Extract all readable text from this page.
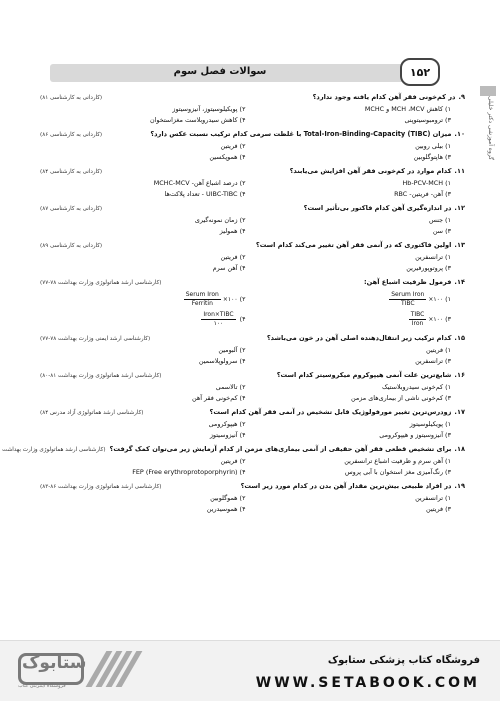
گروه آموزشی دکتر خلیلی
سوالات فصل سوم	۱۵۲
۹.در کم‌خونی فقر آهن کدام یافته وجود ندارد؟
(کاردانی به کارشناسی ۸۱)
۱) کاهش MCH ،MCV و MCHC
۲) پویکیلوسیتوز، آنیزوسیتوز
۳) ترومبوسیتوپنی
۴) کاهش سیدروبلاست مغزاستخوان
۱۰.میزان (TIBC) Total-Iron-Binding-Capacity با غلظت سرمی کدام ترکیب نسبت عکس دارد؟
(کاردانی به کارشناسی ۸۶)
۱) بیلی روبین
۲) فریتین
۳) هاپتوگلوبین
۴) هموپکسین
۱۱.کدام موارد در کم‌خونی فقر آهن افزایش می‌یابند؟
(کاردانی به کارشناسی ۸۴)
۱) Hb-PCV-MCH
۲) درصد اشباع آهن- MCHC-MCV
۳) آهن- فریتین- RBC
۴) UIBC-TIBC - تعداد پلاکت‌ها
۱۲.در اندازه‌گیری آهن کدام فاکتور بی‌تأثیر است؟
(کاردانی به کارشناسی ۸۷)
۱) جنس
۲) زمان نمونه‌گیری
۳) سن
۴) همولیز
۱۳.اولین فاکتوری که در آنمی فقر آهن تغییر می‌کند کدام است؟
(کاردانی به کارشناسی ۸۹)
۱) ترانسفرین
۲) فریتین
۳) پروتوپورفیرین
۴) آهن سرم
۱۴.فرمول ظرفیت اشباع آهن:
(کارشناسی ارشد هماتولوژی وزارت بهداشت ۷۸-۷۷)
۱)
×۱۰۰
Serum Iron
TIBC
۲)
×۱۰۰
Serum Iron
Ferritin
۳)
×۱۰۰
TIBC
Iron
۴)
Iron×TIBC
۱۰۰
۱۵.کدام ترکیب زیر انتقال‌دهنده اصلی آهن در خون می‌باشد؟
(کارشناسی ارشد ایمنی وزارت بهداشت ۷۸-۷۷)
۱) فریتین
۲) آلبومین
۳) ترانسفرین
۴) سرولوپلاسمین
۱۶.شایع‌ترین علت آنمی هیپوکروم میکروسیتر کدام است؟
(کارشناسی ارشد هماتولوژی وزارت بهداشت ۸۱-۸۰)
۱) کم‌خونی سیدروبلاستیک
۲) تالاسمی
۳) کم‌خونی ناشی از بیماری‌های مزمن
۴) کم‌خونی فقر آهن
۱۷.زودرس‌ترین تغییر مورفولوژیک قابل تشخیص در آنمی فقر آهن کدام است؟
(کارشناسی ارشد هماتولوژی آزاد مدرس ۸۴)
۱) پویکیلوسیتوز
۲) هیپوکرومی
۳) آنیزوسیتوز و هیپوکرومی
۴) آنیزوسیتوز
۱۸.برای تشخیص قطعی فقر آهن حقیقی از آنمی بیماری‌های مزمن از کدام آزمایش زیر می‌توان کمک گرفت؟
(کارشناسی ارشد هماتولوژی وزارت بهداشت
۱) آهن سرم و ظرفیت اشباع ترانسفرین
۲) فریتین
۳) رنگ‌آمیزی مغز استخوان با آبی پروس
۴) (Free erythroprotoporphyrin) FEP
۱۹.در افراد طبیعی بیش‌ترین مقدار آهن بدن در کدام مورد زیر است؟
(کارشناسی ارشد هماتولوژی وزارت بهداشت ۸۶-۸۳)
۱) ترانسفرین
۲) هموگلوبین
۳) فریتین
۴) هموسیدرین
ستابوک
فروشگاه اینترنتی کتاب
فروشگاه کتاب پزشکی ستابوک
WWW.SETABOOK.COM
